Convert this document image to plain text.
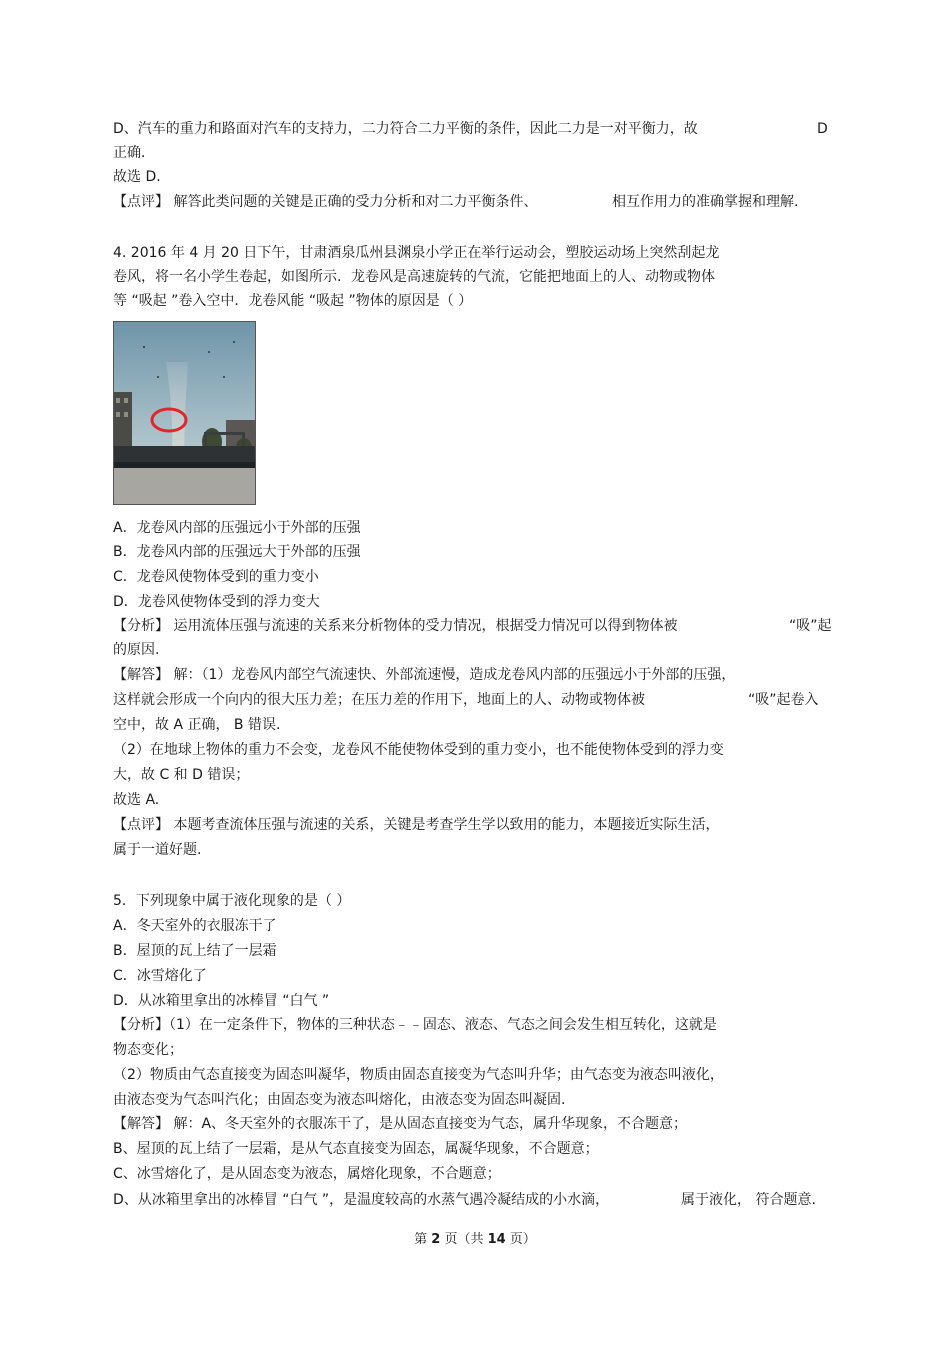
D、汽车的重力和路面对汽车的支持力，二力符合二力平衡的条件，因此二力是一对平衡力，故	D
正确.
故选 D.
【点评】 解答此类问题的关键是正确的受力分析和对二力平衡条件、	相互作用力的准确掌握和理解.
4. 2016 年 4 月 20 日下午，甘肃酒泉瓜州县渊泉小学正在举行运动会，塑胶运动场上突然刮起龙
卷风，将一名小学生卷起，如图所示．龙卷风是高速旋转的气流，它能把地面上的人、动物或物体
等 “吸起 ”卷入空中．龙卷风能 “吸起 ”物体的原因是（ ）
A．龙卷风内部的压强远小于外部的压强
B．龙卷风内部的压强远大于外部的压强
C．龙卷风使物体受到的重力变小
D．龙卷风使物体受到的浮力变大
【分析】 运用流体压强与流速的关系来分析物体的受力情况，根据受力情况可以得到物体被	“吸”起
的原因.
【解答】 解：（1）龙卷风内部空气流速快、外部流速慢，造成龙卷风内部的压强远小于外部的压强，
这样就会形成一个向内的很大压力差；在压力差的作用下，地面上的人、动物或物体被	“吸”起卷入
空中，故 A 正确， B 错误.
（2）在地球上物体的重力不会变，龙卷风不能使物体受到的重力变小，也不能使物体受到的浮力变
大，故 C 和 D 错误；
故选 A.
【点评】 本题考查流体压强与流速的关系，关键是考查学生学以致用的能力，本题接近实际生活，
属于一道好题.
5．下列现象中属于液化现象的是（ ）
A．冬天室外的衣服冻干了
B．屋顶的瓦上结了一层霜
C．冰雪熔化了
D．从冰箱里拿出的冰棒冒 “白气 ”
【分析】（1）在一定条件下，物体的三种状态﹣﹣固态、液态、气态之间会发生相互转化，这就是
物态变化；
（2）物质由气态直接变为固态叫凝华，物质由固态直接变为气态叫升华；由气态变为液态叫液化，
由液态变为气态叫汽化；由固态变为液态叫熔化，由液态变为固态叫凝固.
【解答】 解：A、冬天室外的衣服冻干了，是从固态直接变为气态，属升华现象，不合题意；
B、屋顶的瓦上结了一层霜，是从气态直接变为固态，属凝华现象，不合题意；
C、冰雪熔化了，是从固态变为液态，属熔化现象，不合题意；
D、从冰箱里拿出的冰棒冒 “白气 ”，是温度较高的水蒸气遇冷凝结成的小水滴，	属于液化， 符合题意.
第 2 页（共 14 页）
